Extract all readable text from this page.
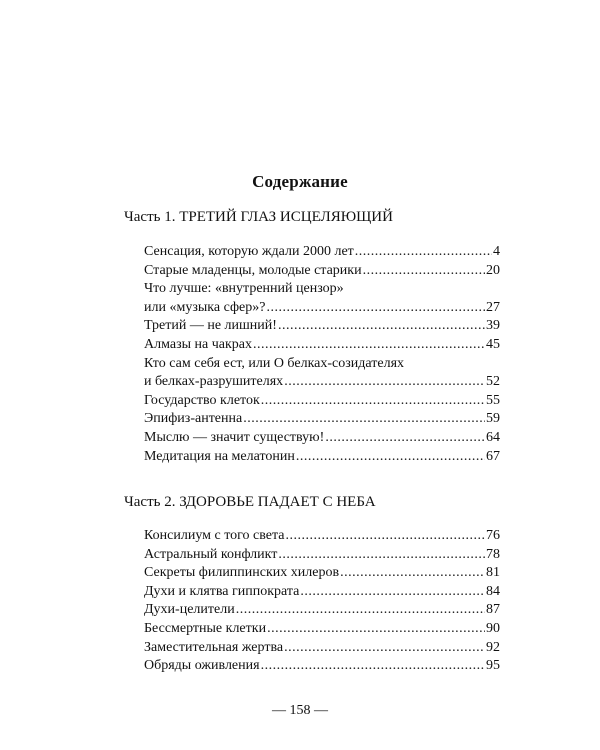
Содержание
Часть 1. ТРЕТИЙ ГЛАЗ ИСЦЕЛЯЮЩИЙ
Сенсация, которую ждали 2000 лет .....	4
Старые младенцы, молодые старики .....	20
Что лучше: «внутренний цензор»
или «музыка сфер»? .....	27
Третий — не лишний! .....	39
Алмазы на чакрах .....	45
Кто сам себя ест, или О белках-созидателях
и белках-разрушителях .....	52
Государство клеток .....	55
Эпифиз-антенна .....	59
Мыслю — значит существую! .....	64
Медитация на мелатонин .....	67
Часть 2. ЗДОРОВЬЕ ПАДАЕТ С НЕБА
Консилиум с того света .....	76
Астральный конфликт .....	78
Секреты филиппинских хилеров .....	81
Духи и клятва гиппократа .....	84
Духи-целители .....	87
Бессмертные клетки .....	90
Заместительная жертва .....	92
Обряды оживления .....	95
— 158 —
